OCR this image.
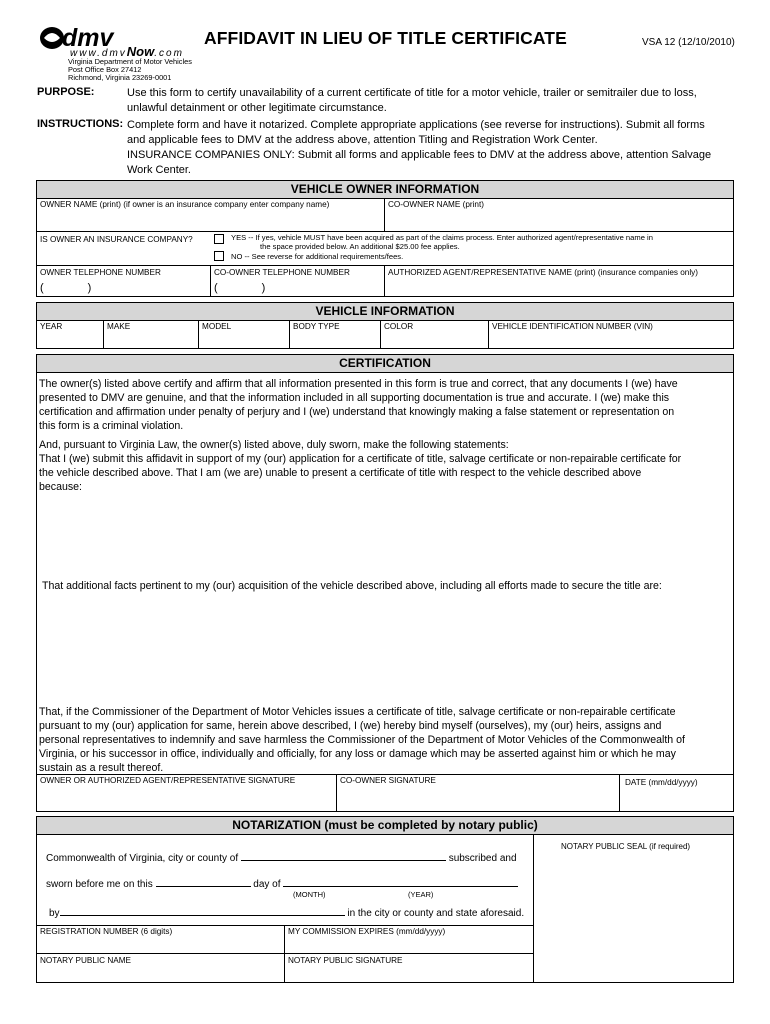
dmv
www.dmvNow.com
Virginia Department of Motor Vehicles
Post Office Box 27412
Richmond, Virginia 23269-0001
AFFIDAVIT IN LIEU OF TITLE CERTIFICATE	VSA 12 (12/10/2010)
PURPOSE:	Use this form to certify unavailability of a current certificate of title for a motor vehicle, trailer or semitrailer due to loss,
unlawful detainment or other legitimate circumstance.
INSTRUCTIONS: Complete form and have it notarized. Complete appropriate applications (see reverse for instructions). Submit all forms
and applicable fees to DMV at the address above, attention Titling and Registration Work Center.
INSURANCE COMPANIES ONLY: Submit all forms and applicable fees to DMV at the address above, attention Salvage
Work Center.
VEHICLE OWNER INFORMATION
OWNER NAME (print) (if owner is an insurance company enter company name)	CO-OWNER NAME (print)
IS OWNER AN INSURANCE COMPANY?	YES -- If yes, vehicle MUST have been acquired as part of the claims process. Enter authorized agent/representative name in
the space provided below. An additional $25.00 fee applies.
NO -- See reverse for additional requirements/fees.
OWNER TELEPHONE NUMBER
(	)
CO-OWNER TELEPHONE NUMBER
(	)
AUTHORIZED AGENT/REPRESENTATIVE NAME (print) (insurance companies only)
VEHICLE INFORMATION
YEAR	MAKE	MODEL	BODY TYPE	COLOR	VEHICLE IDENTIFICATION NUMBER (VIN)
CERTIFICATION
The owner(s) listed above certify and affirm that all information presented in this form is true and correct, that any documents I (we) have
presented to DMV are genuine, and that the information included in all supporting documentation is true and accurate. I (we) make this
certification and affirmation under penalty of perjury and I (we) understand that knowingly making a false statement or representation on
this form is a criminal violation.
And, pursuant to Virginia Law, the owner(s) listed above, duly sworn, make the following statements:
That I (we) submit this affidavit in support of my (our) application for a certificate of title, salvage certificate or non-repairable certificate for
the vehicle described above. That I am (we are) unable to present a certificate of title with respect to the vehicle described above
because:
That additional facts pertinent to my (our) acquisition of the vehicle described above, including all efforts made to secure the title are:
That, if the Commissioner of the Department of Motor Vehicles issues a certificate of title, salvage certificate or non-repairable certificate
pursuant to my (our) application for same, herein above described, I (we) hereby bind myself (ourselves), my (our) heirs, assigns and
personal representatives to indemnify and save harmless the Commissioner of the Department of Motor Vehicles of the Commonwealth of
Virginia, or his successor in office, individually and officially, for any loss or damage which may be asserted against him or which he may
sustain as a result thereof.
OWNER OR AUTHORIZED AGENT/REPRESENTATIVE SIGNATURE	CO-OWNER SIGNATURE	DATE (mm/dd/yyyy)
NOTARIZATION (must be completed by notary public)
NOTARY PUBLIC SEAL (if required)
Commonwealth of Virginia, city or county of	subscribed and
sworn before me on this	day of
(MONTH)	(YEAR)
by	in the city or county and state aforesaid.
REGISTRATION NUMBER (6 digits)	MY COMMISSION EXPIRES (mm/dd/yyyy)
NOTARY PUBLIC NAME	NOTARY PUBLIC SIGNATURE
